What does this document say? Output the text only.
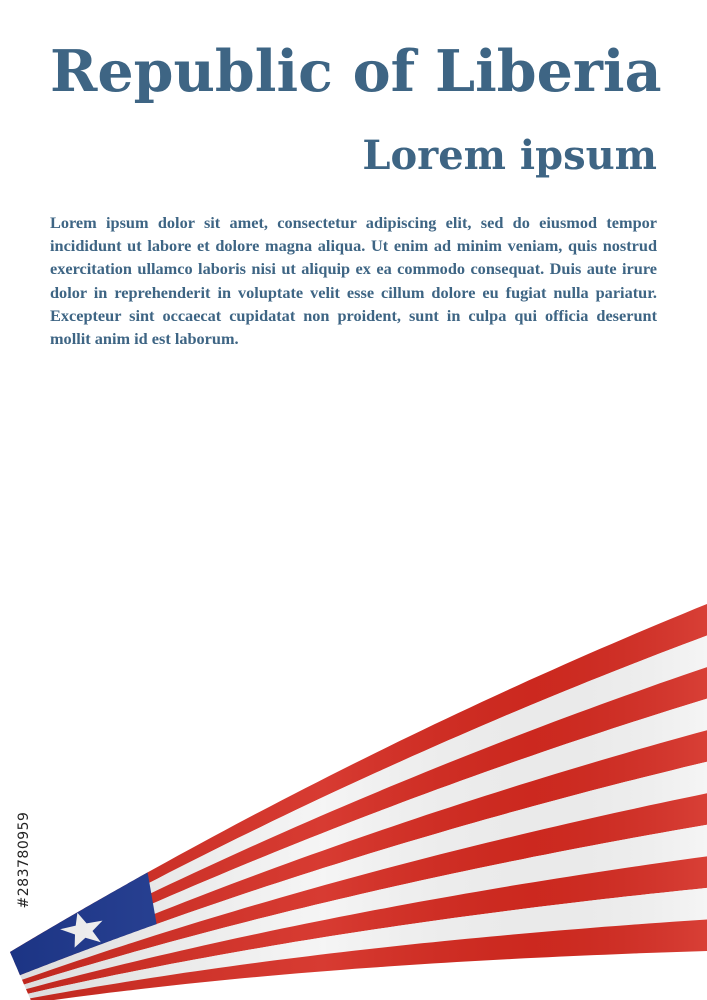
Republic of Liberia
Lorem ipsum

Lorem ipsum dolor sit amet, consectetur adipiscing elit, sed do eiusmod tempor incididunt ut labore et dolore magna aliqua. Ut enim ad minim veniam, quis nostrud exercitation ullamco laboris nisi ut aliquip ex ea commodo consequat. Duis aute irure dolor in reprehenderit in voluptate velit esse cillum dolore eu fugiat nulla pariatur. Excepteur sint occaecat cupidatat non proident, sunt in culpa qui officia deserunt mollit anim id est laborum.

#283780959
